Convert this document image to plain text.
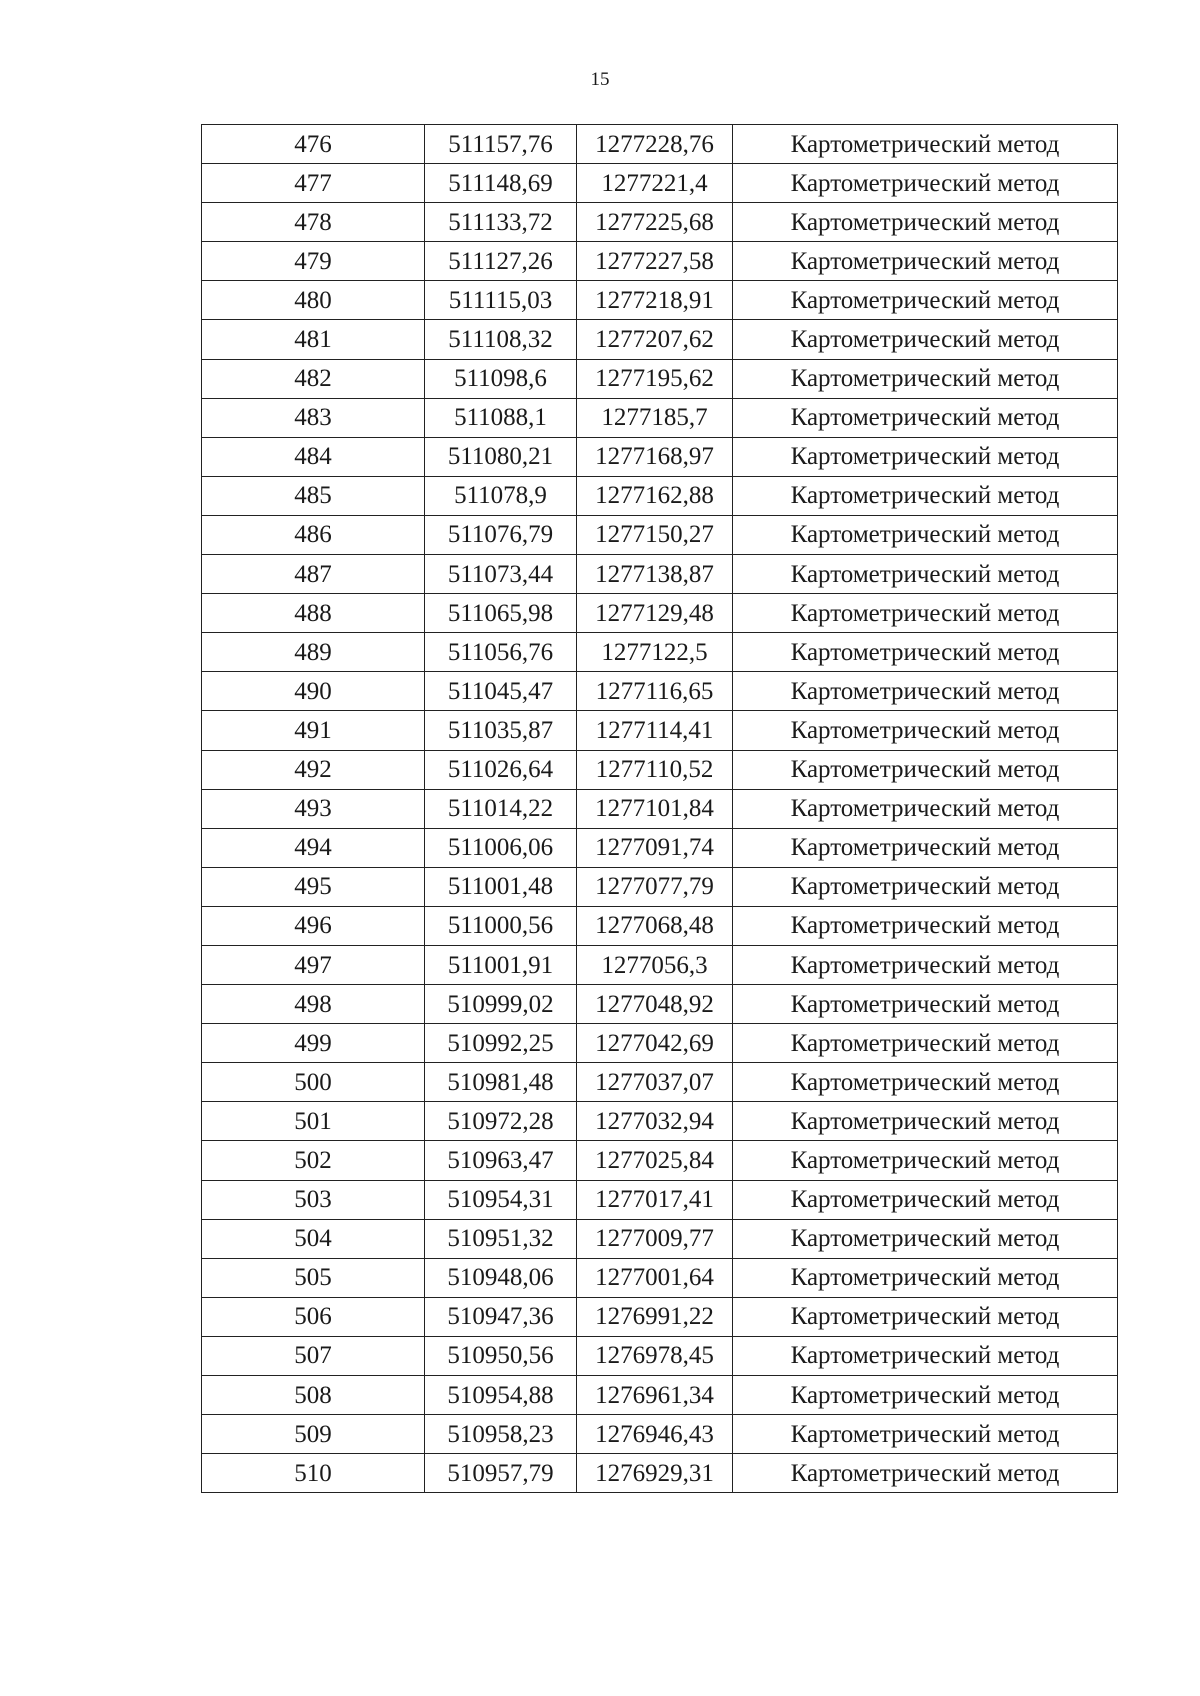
15
476	511157,76	1277228,76	Картометрический метод
477	511148,69	1277221,4	Картометрический метод
478	511133,72	1277225,68	Картометрический метод
479	511127,26	1277227,58	Картометрический метод
480	511115,03	1277218,91	Картометрический метод
481	511108,32	1277207,62	Картометрический метод
482	511098,6	1277195,62	Картометрический метод
483	511088,1	1277185,7	Картометрический метод
484	511080,21	1277168,97	Картометрический метод
485	511078,9	1277162,88	Картометрический метод
486	511076,79	1277150,27	Картометрический метод
487	511073,44	1277138,87	Картометрический метод
488	511065,98	1277129,48	Картометрический метод
489	511056,76	1277122,5	Картометрический метод
490	511045,47	1277116,65	Картометрический метод
491	511035,87	1277114,41	Картометрический метод
492	511026,64	1277110,52	Картометрический метод
493	511014,22	1277101,84	Картометрический метод
494	511006,06	1277091,74	Картометрический метод
495	511001,48	1277077,79	Картометрический метод
496	511000,56	1277068,48	Картометрический метод
497	511001,91	1277056,3	Картометрический метод
498	510999,02	1277048,92	Картометрический метод
499	510992,25	1277042,69	Картометрический метод
500	510981,48	1277037,07	Картометрический метод
501	510972,28	1277032,94	Картометрический метод
502	510963,47	1277025,84	Картометрический метод
503	510954,31	1277017,41	Картометрический метод
504	510951,32	1277009,77	Картометрический метод
505	510948,06	1277001,64	Картометрический метод
506	510947,36	1276991,22	Картометрический метод
507	510950,56	1276978,45	Картометрический метод
508	510954,88	1276961,34	Картометрический метод
509	510958,23	1276946,43	Картометрический метод
510	510957,79	1276929,31	Картометрический метод
